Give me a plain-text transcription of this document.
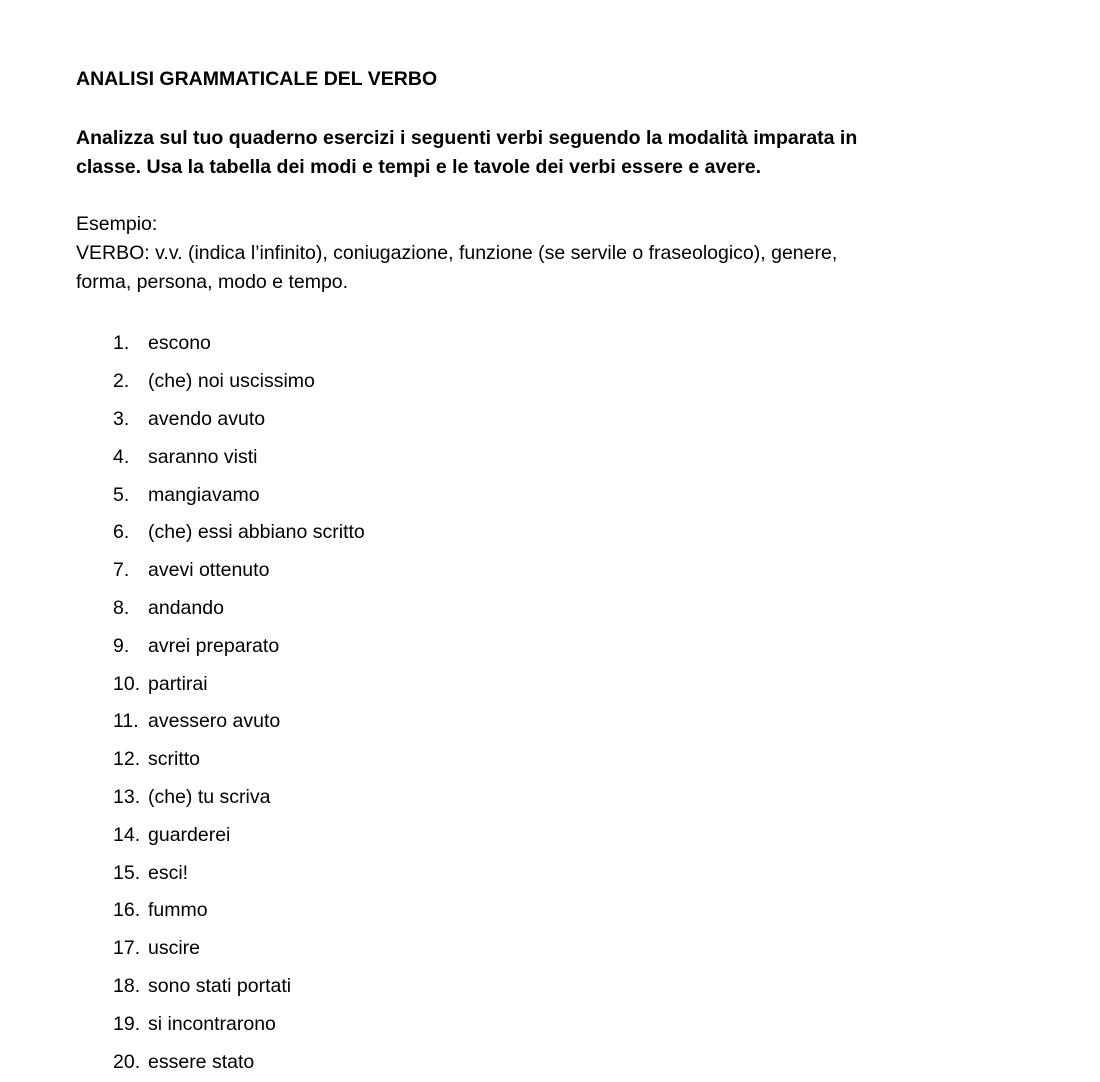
ANALISI GRAMMATICALE DEL VERBO
Analizza sul tuo quaderno esercizi i seguenti verbi seguendo la modalità imparata in
classe. Usa la tabella dei modi e tempi e le tavole dei verbi essere e avere.
Esempio:
VERBO: v.v. (indica l’infinito), coniugazione, funzione (se servile o fraseologico), genere,
forma, persona, modo e tempo.
1. escono
2. (che) noi uscissimo
3. avendo avuto
4. saranno visti
5. mangiavamo
6. (che) essi abbiano scritto
7. avevi ottenuto
8. andando
9. avrei preparato
10. partirai
11. avessero avuto
12. scritto
13. (che) tu scriva
14. guarderei
15. esci!
16. fummo
17. uscire
18. sono stati portati
19. si incontrarono
20. essere stato
